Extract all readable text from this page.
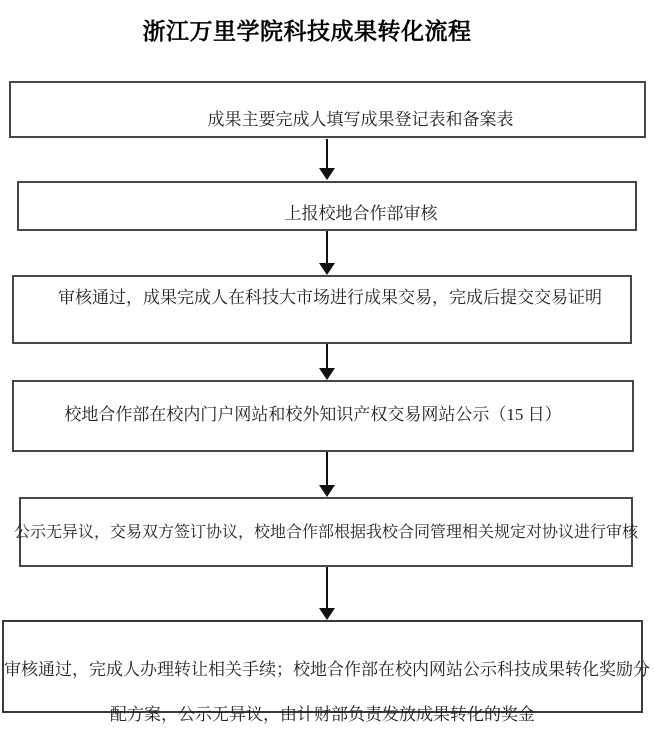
浙江万里学院科技成果转化流程
成果主要完成人填写成果登记表和备案表
上报校地合作部审核
审核通过，成果完成人在科技大市场进行成果交易，完成后提交交易证明
校地合作部在校内门户网站和校外知识产权交易网站公示（15 日）
公示无异议，交易双方签订协议，校地合作部根据我校合同管理相关规定对协议进行审核
审核通过，完成人办理转让相关手续；校地合作部在校内网站公示科技成果转化奖励分
配方案，公示无异议，由计财部负责发放成果转化的奖金
